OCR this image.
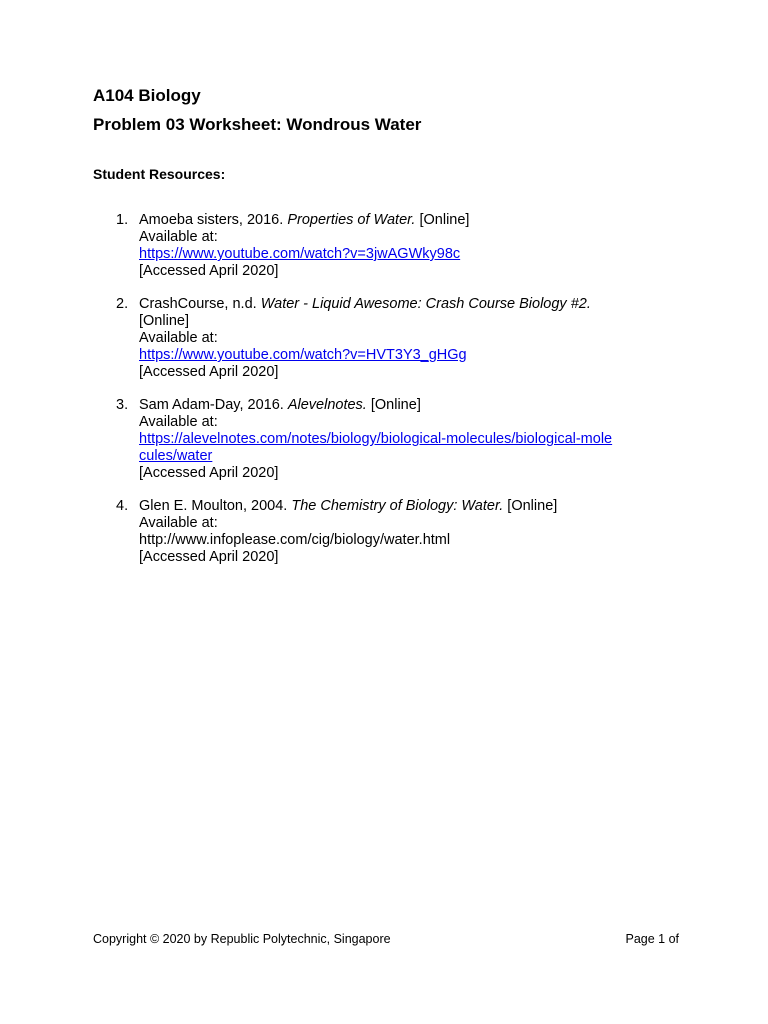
A104 Biology
Problem 03 Worksheet: Wondrous Water
Student Resources:
1. Amoeba sisters, 2016. Properties of Water. [Online]
Available at:
https://www.youtube.com/watch?v=3jwAGWky98c
[Accessed April 2020]
2. CrashCourse, n.d. Water - Liquid Awesome: Crash Course Biology #2.
[Online]
Available at:
https://www.youtube.com/watch?v=HVT3Y3_gHGg
[Accessed April 2020]
3. Sam Adam-Day, 2016. Alevelnotes. [Online]
Available at:
https://alevelnotes.com/notes/biology/biological-molecules/biological-molecules/water
[Accessed April 2020]
4. Glen E. Moulton, 2004. The Chemistry of Biology: Water. [Online]
Available at:
http://www.infoplease.com/cig/biology/water.html
[Accessed April 2020]
Copyright © 2020 by Republic Polytechnic, Singapore	Page 1 of
